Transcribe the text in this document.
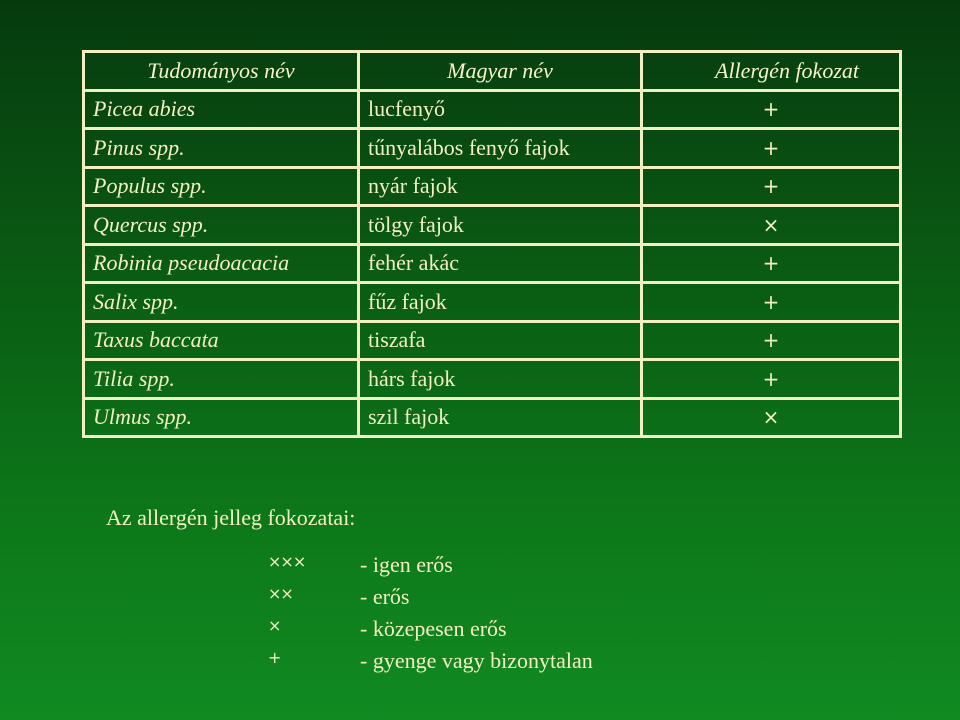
Tudományos név	Magyar név	Allergén fokozat
Picea abies	lucfenyő	+
Pinus spp.	tűnyalábos fenyő fajok	+
Populus spp.	nyár fajok	+
Quercus spp.	tölgy fajok	×
Robinia pseudoacacia	fehér akác	+
Salix spp.	fűz fajok	+
Taxus baccata	tiszafa	+
Tilia spp.	hárs fajok	+
Ulmus spp.	szil fajok	×
Az allergén jelleg fokozatai:
××× - igen erős
××	- erős
×	- közepesen erős
+	- gyenge vagy bizonytalan
